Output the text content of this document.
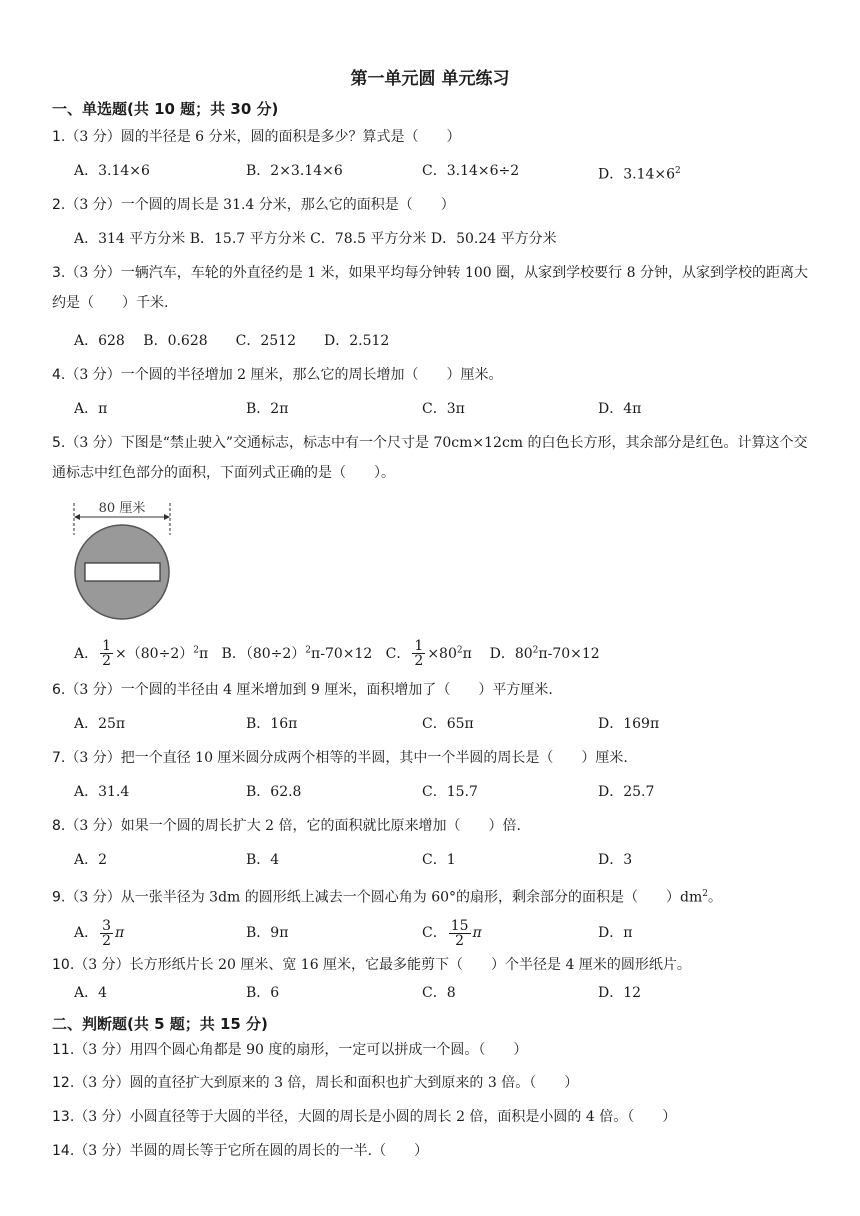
第一单元圆 单元练习
一、单选题(共 10 题；共 30 分)
1.（3 分）圆的半径是 6 分米，圆的面积是多少？算式是（　　）
A．3.14×6	B．2×3.14×6	C．3.14×6÷2	D．$3.14\times 6^2$
2.（3 分）一个圆的周长是 31.4 分米，那么它的面积是（　　）
A．314 平方分米 B．15.7 平方分米 C．78.5 平方分米 D．50.24 平方分米
3.（3 分）一辆汽车，车轮的外直径约是 1 米，如果平均每分钟转 100 圈，从家到学校要行 8 分钟，从家到学校的距离大约是（　　）千米.
A．628　 B．0.628　　C．2512　　D．2.512
4.（3 分）一个圆的半径增加 2 厘米，那么它的周长增加（　　）厘米。
A．π	B．2π	C．3π	D．4π
5.（3 分）下图是“禁止驶入”交通标志，标志中有一个尺寸是 70cm×12cm 的白色长方形，其余部分是红色。计算这个交通标志中红色部分的面积，下面列式正确的是（　　）。
80 厘米
A． $\frac{1}{2} \times(80\div 2)^2\pi$ B．$(80\div 2)^2\pi-70\times 12$ C． $\frac{1}{2} \times 80^2\pi$ D．$80^2\pi-70\times 12$
6.（3 分）一个圆的半径由 4 厘米增加到 9 厘米，面积增加了（　　）平方厘米.
A．25π	B．16π	C．65π	D．169π
7.（3 分）把一个直径 10 厘米圆分成两个相等的半圆，其中一个半圆的周长是（　　）厘米.
A．31.4	B．62.8	C．15.7	D．25.7
8.（3 分）如果一个圆的周长扩大 2 倍，它的面积就比原来增加（　　）倍.
A．2	B．4	C．1	D．3
9.（3 分）从一张半径为 3dm 的圆形纸上减去一个圆心角为 60°的扇形，剩余部分的面积是（　　）$dm^2$。
A． $\frac{3}{2}$ π	B．9π	C． $\frac{15}{2}$ π	D．π
10.（3 分）长方形纸片长 20 厘米、宽 16 厘米，它最多能剪下（　　）个半径是 4 厘米的圆形纸片。
A．4	B．6	C．8	D．12
二、判断题(共 5 题；共 15 分)
11.（3 分）用四个圆心角都是 90 度的扇形，一定可以拼成一个圆。（　　）
12.（3 分）圆的直径扩大到原来的 3 倍，周长和面积也扩大到原来的 3 倍。（　　）
13.（3 分）小圆直径等于大圆的半径，大圆的周长是小圆的周长 2 倍，面积是小圆的 4 倍。（　　）
14.（3 分）半圆的周长等于它所在圆的周长的一半.（　　）
